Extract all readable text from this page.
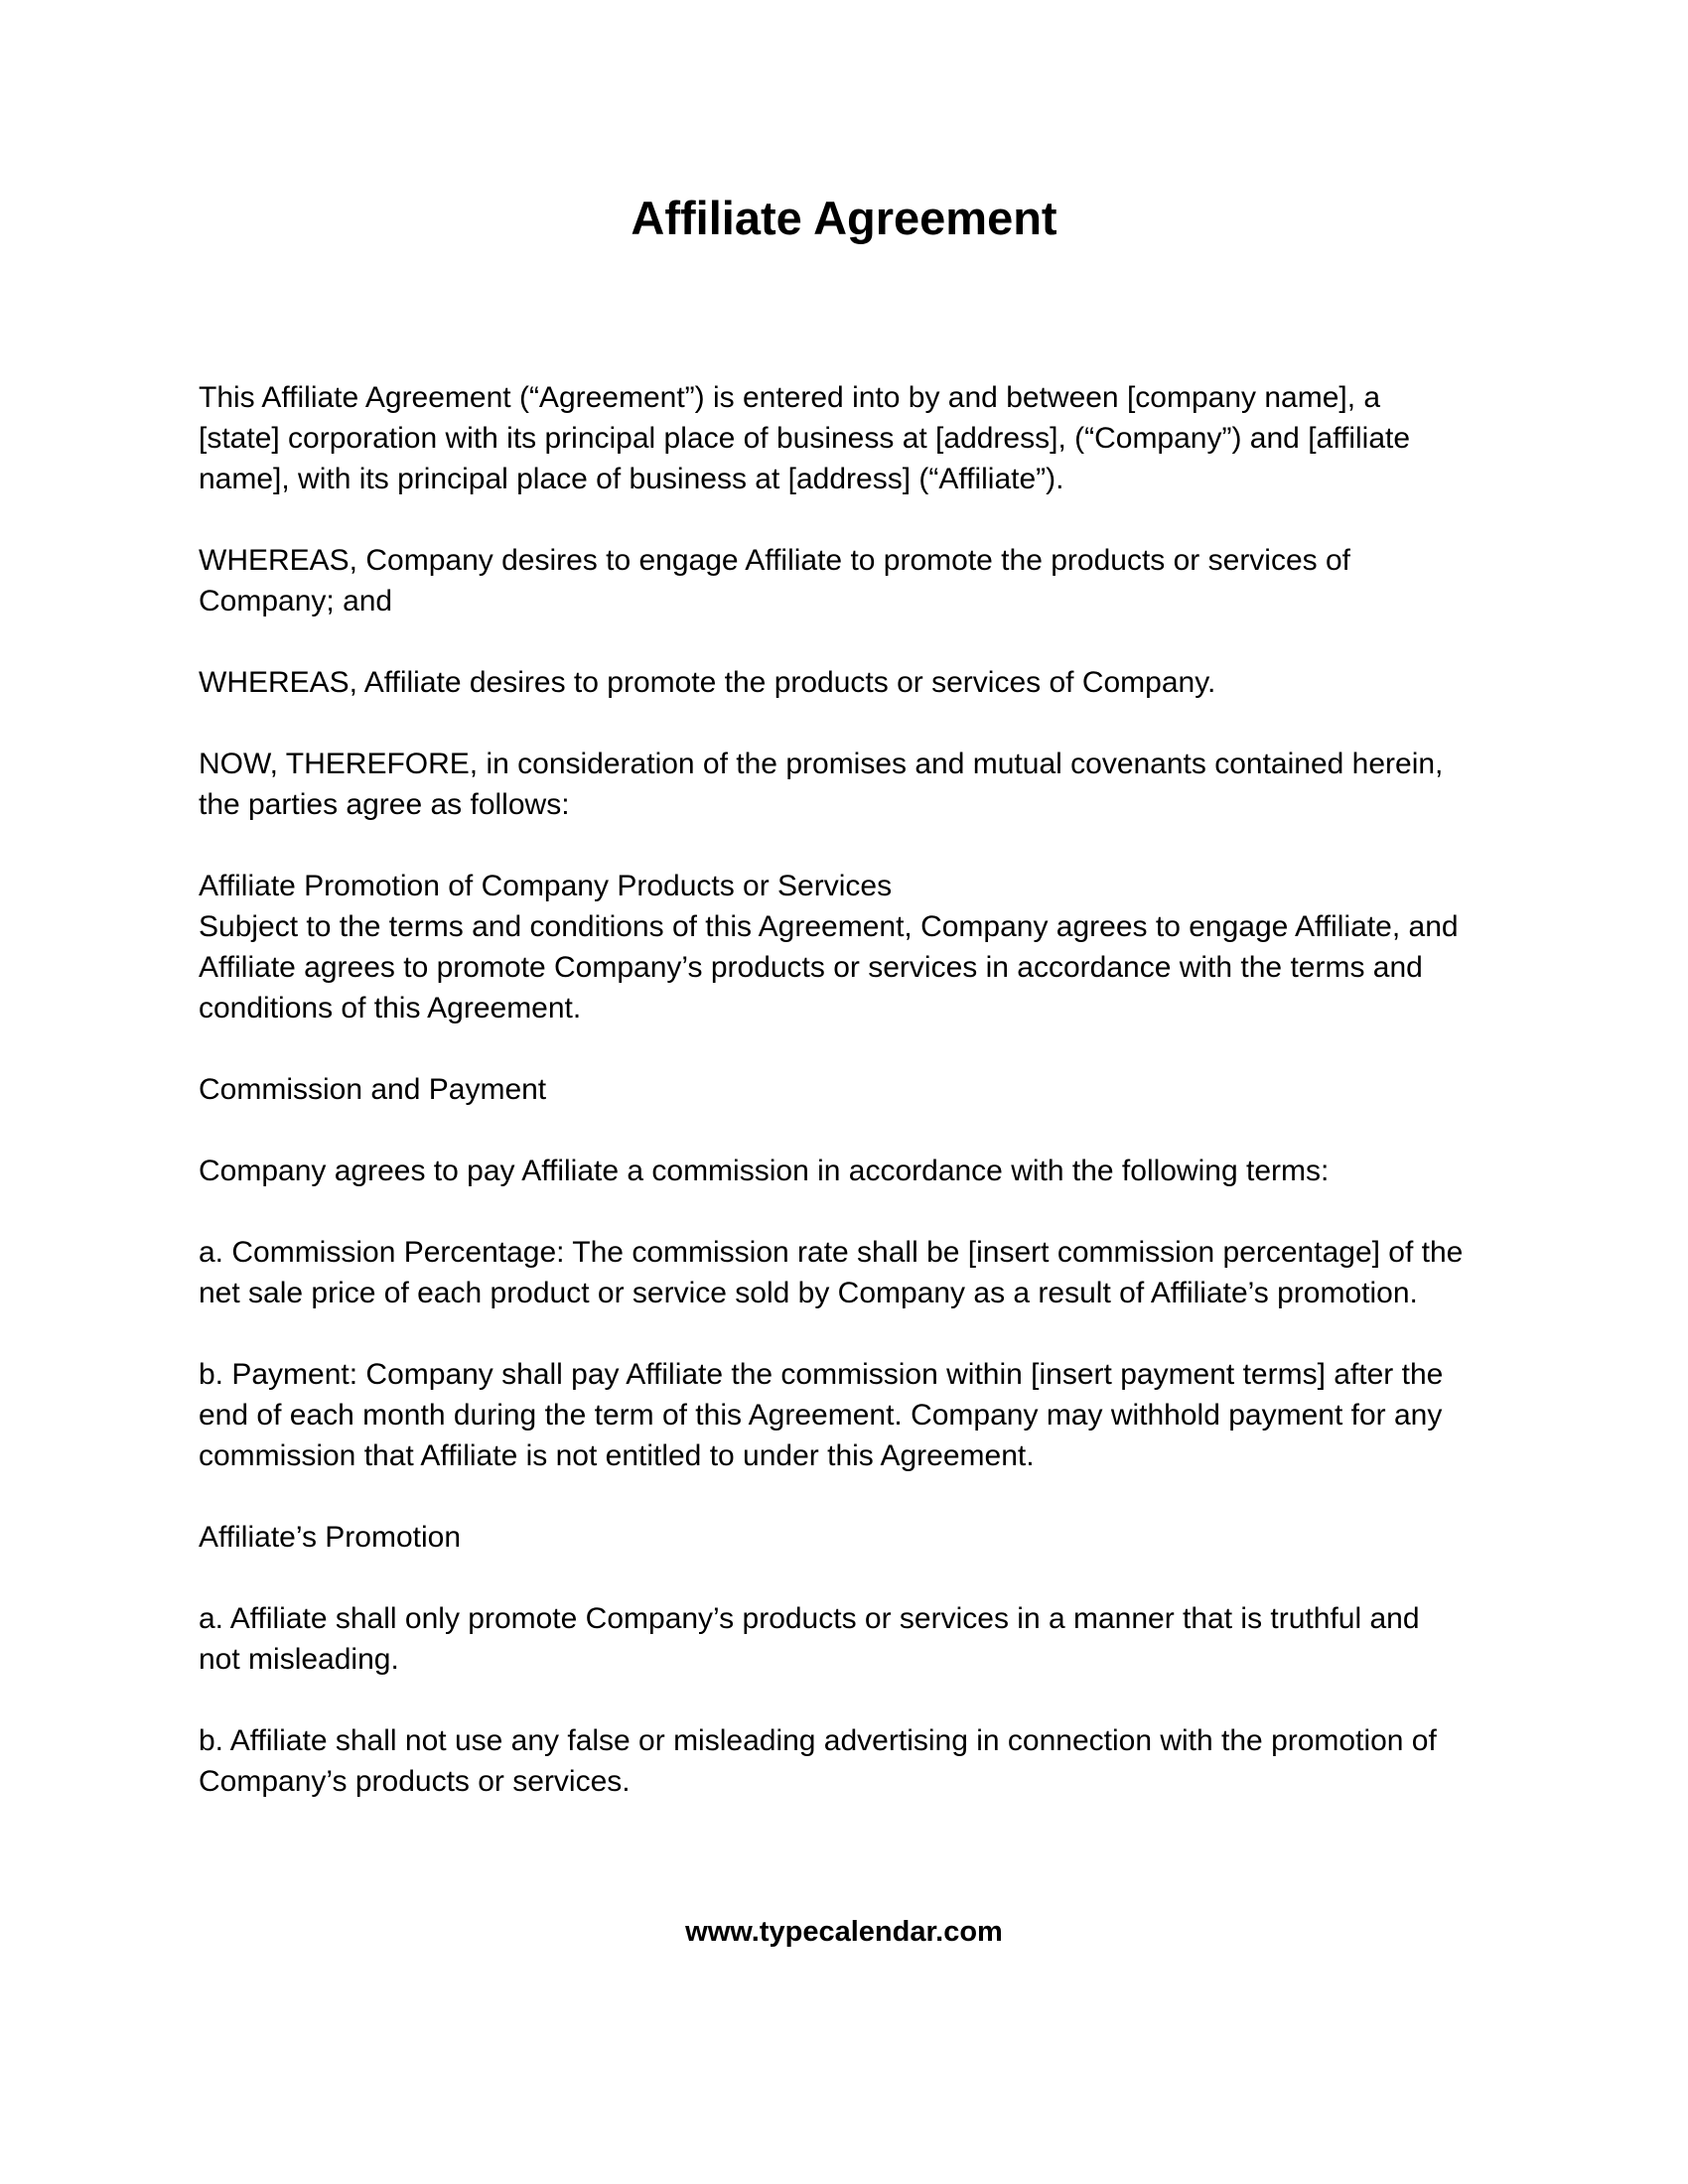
Affiliate Agreement

This Affiliate Agreement (“Agreement”) is entered into by and between [company name], a
[state] corporation with its principal place of business at [address], (“Company”) and [affiliate
name], with its principal place of business at [address] (“Affiliate”).

WHEREAS, Company desires to engage Affiliate to promote the products or services of
Company; and

WHEREAS, Affiliate desires to promote the products or services of Company.

NOW, THEREFORE, in consideration of the promises and mutual covenants contained herein,
the parties agree as follows:

Affiliate Promotion of Company Products or Services

Subject to the terms and conditions of this Agreement, Company agrees to engage Affiliate, and
Affiliate agrees to promote Company’s products or services in accordance with the terms and
conditions of this Agreement.

Commission and Payment

Company agrees to pay Affiliate a commission in accordance with the following terms:

a. Commission Percentage: The commission rate shall be [insert commission percentage] of the
net sale price of each product or service sold by Company as a result of Affiliate’s promotion.

b. Payment: Company shall pay Affiliate the commission within [insert payment terms] after the
end of each month during the term of this Agreement. Company may withhold payment for any
commission that Affiliate is not entitled to under this Agreement.

Affiliate’s Promotion

a. Affiliate shall only promote Company’s products or services in a manner that is truthful and
not misleading.

b. Affiliate shall not use any false or misleading advertising in connection with the promotion of
Company’s products or services.

www.typecalendar.com
